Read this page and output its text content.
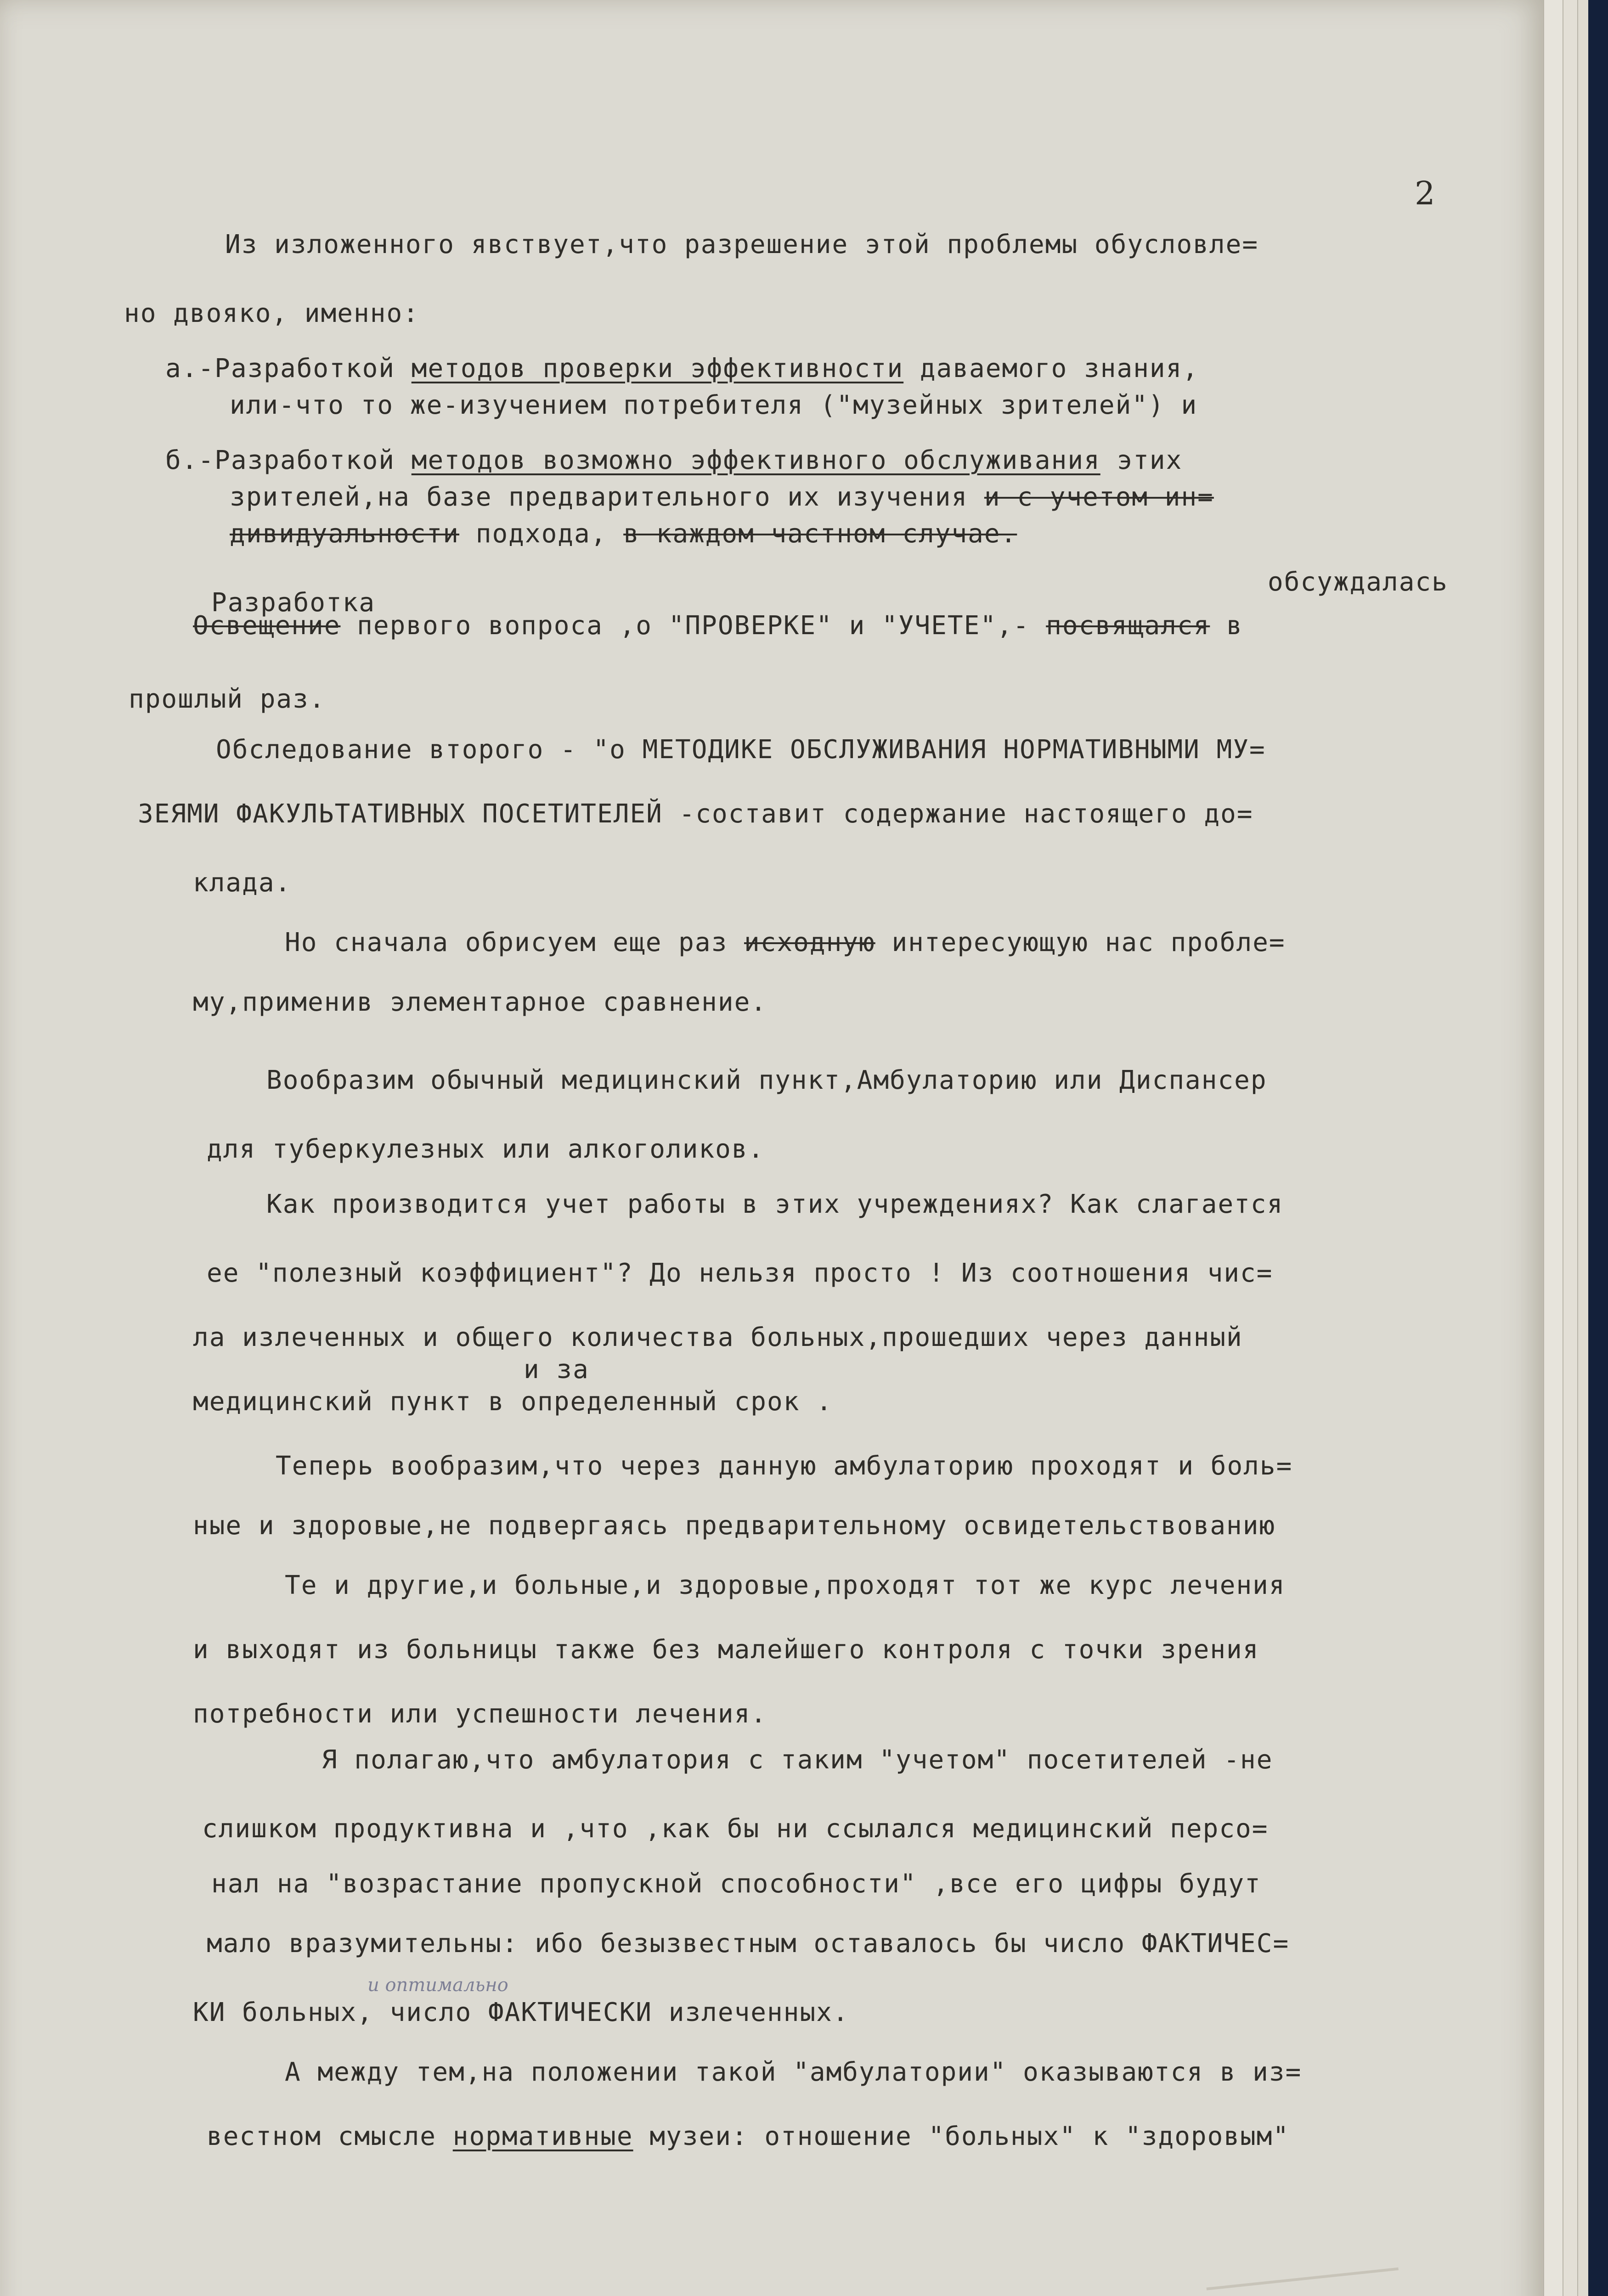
2
Из изложенного явствует,что разрешение этой проблемы обусловле=
но двояко, именно:
а.-Разработкой методов проверки эффективности даваемого знания,
или-что то же-изучением потребителя ("музейных зрителей") и
б.-Разработкой методов возможно эффективного обслуживания этих
зрителей,на базе предварительного их изучения и с учетом ин=
дивидуальности подхода, в каждом частном случае.
Разработка
обсуждалась
Освещение первого вопроса ,о "ПРОВЕРКЕ" и "УЧЕТЕ",- посвящался в
прошлый раз.
Обследование второго - "о МЕТОДИКЕ ОБСЛУЖИВАНИЯ НОРМАТИВНЫМИ МУ=
ЗЕЯМИ ФАКУЛЬТАТИВНЫХ ПОСЕТИТЕЛЕЙ -составит содержание настоящего до=
клада.
Но сначала обрисуем еще раз исходную интересующую нас пробле=
му,применив элементарное сравнение.
Вообразим обычный медицинский пункт,Амбулаторию или Диспансер
для туберкулезных или алкоголиков.
Как производится учет работы в этих учреждениях? Как слагается
ее "полезный коэффициент"? До нельзя просто ! Из соотношения чис=
ла излеченных и общего количества больных,прошедших через данный
и за
медицинский пункт в определенный срок .
Теперь вообразим,что через данную амбулаторию проходят и боль=
ные и здоровые,не подвергаясь предварительному освидетельствованию
Те и другие,и больные,и здоровые,проходят тот же курс лечения
и выходят из больницы также без малейшего контроля с точки зрения
потребности или успешности лечения.
Я полагаю,что амбулатория с таким "учетом" посетителей -не
слишком продуктивна и ,что ,как бы ни ссылался медицинский персо=
нал на "возрастание пропускной способности" ,все его цифры будут
мало вразумительны: ибо безызвестным оставалось бы число ФАКТИЧЕС=
и оптимально
КИ больных, число ФАКТИЧЕСКИ излеченных.
А между тем,на положении такой "амбулатории" оказываются в из=
вестном смысле нормативные музеи: отношение "больных" к "здоровым"
